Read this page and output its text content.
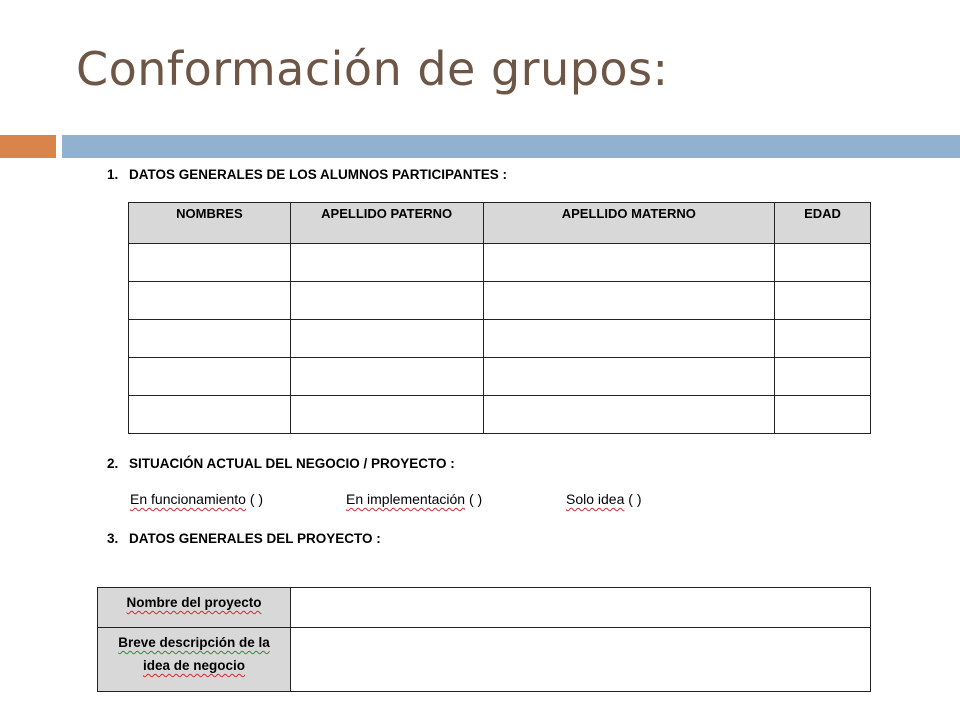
Conformación de grupos:
1. DATOS GENERALES DE LOS ALUMNOS PARTICIPANTES :
NOMBRES	APELLIDO PATERNO	APELLIDO MATERNO	EDAD

2. SITUACIÓN ACTUAL DEL NEGOCIO / PROYECTO :
En funcionamiento ( )	En implementación ( )	Solo idea ( )
3. DATOS GENERALES DEL PROYECTO :
Nombre del proyecto	
Breve descripción de la
idea de negocio	
